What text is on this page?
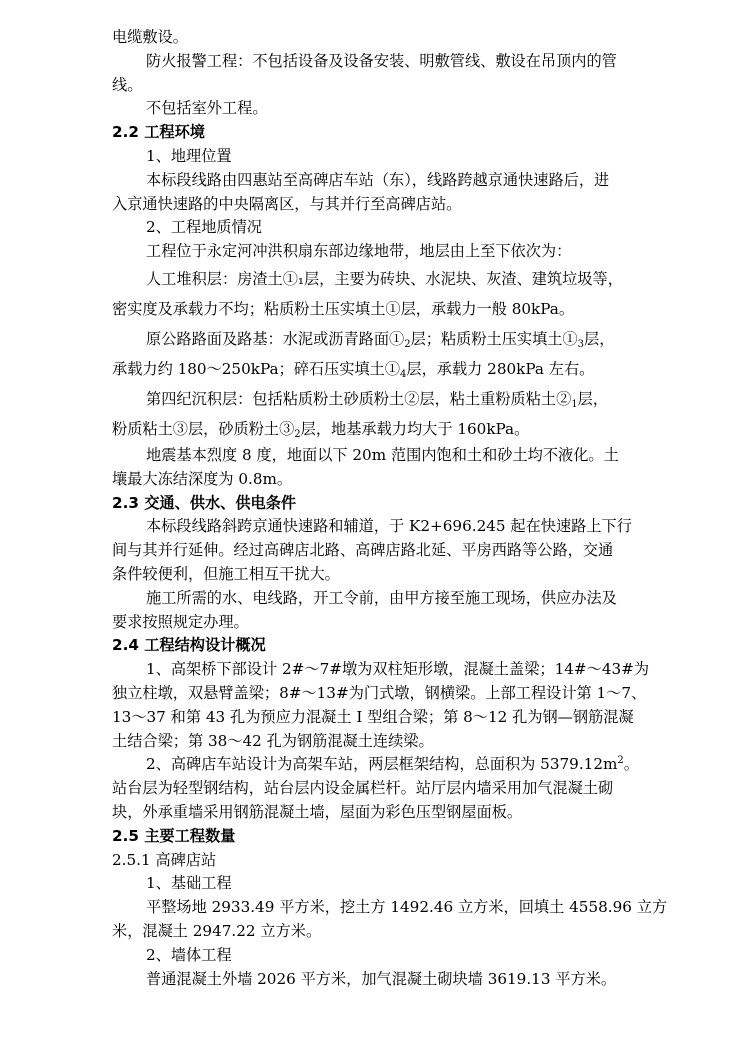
电缆敷设。

防火报警工程：不包括设备及设备安装、明敷管线、敷设在吊顶内的管

线。

不包括室外工程。

2.2 工程环境

1、地理位置

本标段线路由四惠站至高碑店车站（东），线路跨越京通快速路后，进

入京通快速路的中央隔离区，与其并行至高碑店站。

2、工程地质情况

工程位于永定河冲洪积扇东部边缘地带，地层由上至下依次为：

人工堆积层：房渣土①₁层，主要为砖块、水泥块、灰渣、建筑垃圾等，

密实度及承载力不均；粘质粉土压实填土①层，承载力一般 80kPa。

原公路路面及路基：水泥或沥青路面$①_2$层；粘质粉土压实填土$①_3$层，

承载力约 180～250kPa；碎石压实填土$①_4$层，承载力 280kPa 左右。

第四纪沉积层：包括粘质粉土砂质粉土②层，粘土重粉质粘土$②_1$层，

粉质粘土③层，砂质粉土$③_2$层，地基承载力均大于 160kPa。

地震基本烈度 8 度，地面以下 20m 范围内饱和土和砂土均不液化。土

壤最大冻结深度为 0.8m。

2.3 交通、供水、供电条件

本标段线路斜跨京通快速路和辅道，于 K2+696.245 起在快速路上下行

间与其并行延伸。经过高碑店北路、高碑店路北延、平房西路等公路，交通

条件较便利，但施工相互干扰大。

施工所需的水、电线路，开工令前，由甲方接至施工现场，供应办法及

要求按照规定办理。

2.4 工程结构设计概况

1、高架桥下部设计 2#～7#墩为双柱矩形墩，混凝土盖梁；14#～43#为

独立柱墩，双悬臂盖梁；8#～13#为门式墩，钢横梁。上部工程设计第 1～7、

13～37 和第 43 孔为预应力混凝土 I 型组合梁；第 8～12 孔为钢—钢筋混凝

土结合梁；第 38～42 孔为钢筋混凝土连续梁。

2、高碑店车站设计为高架车站，两层框架结构，总面积为 $5379.12m^2$。

站台层为轻型钢结构，站台层内设金属栏杆。站厅层内墙采用加气混凝土砌

块，外承重墙采用钢筋混凝土墙，屋面为彩色压型钢屋面板。

2.5 主要工程数量

2.5.1 高碑店站

1、基础工程

平整场地 2933.49 平方米，挖土方 1492.46 立方米，回填土 4558.96 立方

米，混凝土 2947.22 立方米。

2、墙体工程

普通混凝土外墙 2026 平方米，加气混凝土砌块墙 3619.13 平方米。
